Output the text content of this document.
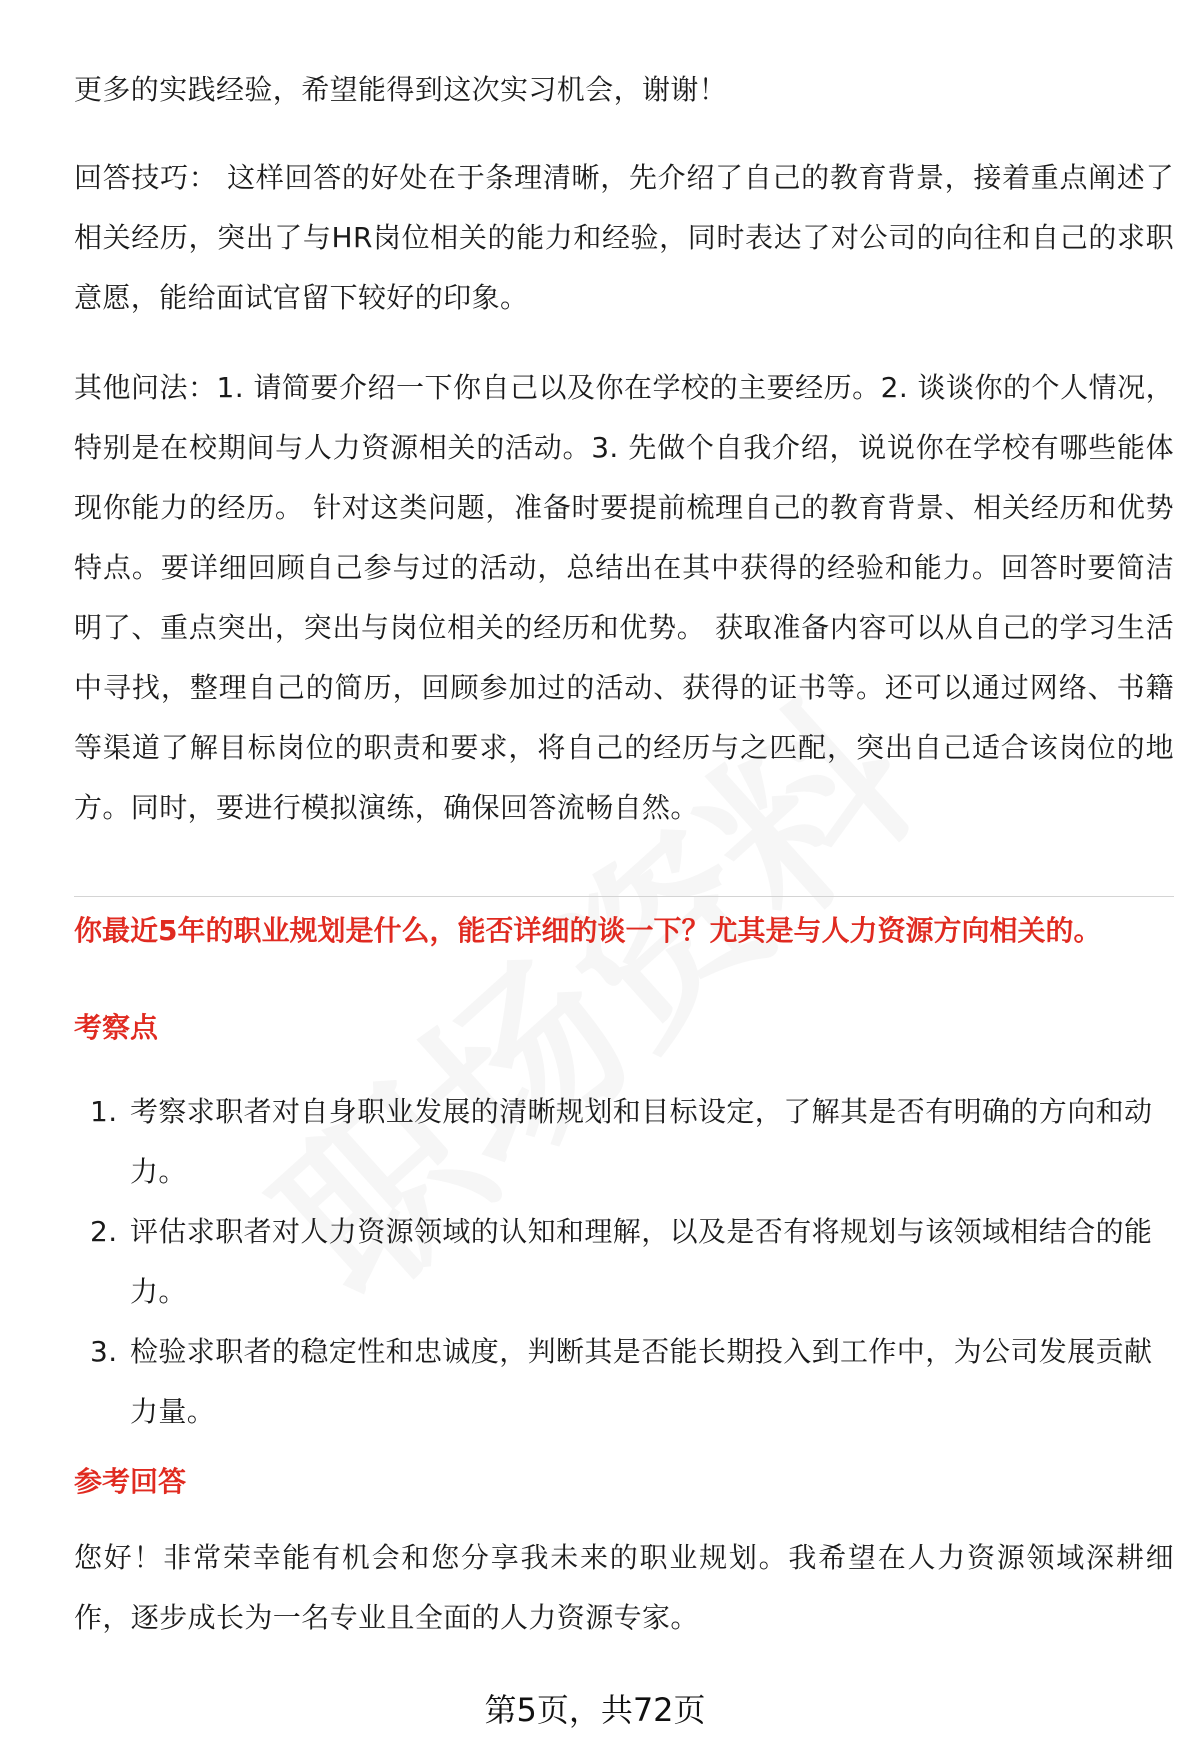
更多的实践经验，希望能得到这次实习机会，谢谢！

回答技巧： 这样回答的好处在于条理清晰，先介绍了自己的教育背景，接着重点阐述了相关经历，突出了与HR岗位相关的能力和经验，同时表达了对公司的向往和自己的求职意愿，能给面试官留下较好的印象。

其他问法：1. 请简要介绍一下你自己以及你在学校的主要经历。2. 谈谈你的个人情况，特别是在校期间与人力资源相关的活动。3. 先做个自我介绍，说说你在学校有哪些能体现你能力的经历。 针对这类问题，准备时要提前梳理自己的教育背景、相关经历和优势特点。要详细回顾自己参与过的活动，总结出在其中获得的经验和能力。回答时要简洁明了、重点突出，突出与岗位相关的经历和优势。 获取准备内容可以从自己的学习生活中寻找，整理自己的简历，回顾参加过的活动、获得的证书等。还可以通过网络、书籍等渠道了解目标岗位的职责和要求，将自己的经历与之匹配，突出自己适合该岗位的地方。同时，要进行模拟演练，确保回答流畅自然。

你最近5年的职业规划是什么，能否详细的谈一下？尤其是与人力资源方向相关的。

考察点

1. 考察求职者对自身职业发展的清晰规划和目标设定，了解其是否有明确的方向和动力。
2. 评估求职者对人力资源领域的认知和理解，以及是否有将规划与该领域相结合的能力。
3. 检验求职者的稳定性和忠诚度，判断其是否能长期投入到工作中，为公司发展贡献力量。

参考回答

您好！非常荣幸能有机会和您分享我未来的职业规划。我希望在人力资源领域深耕细作，逐步成长为一名专业且全面的人力资源专家。

第5页，共72页
